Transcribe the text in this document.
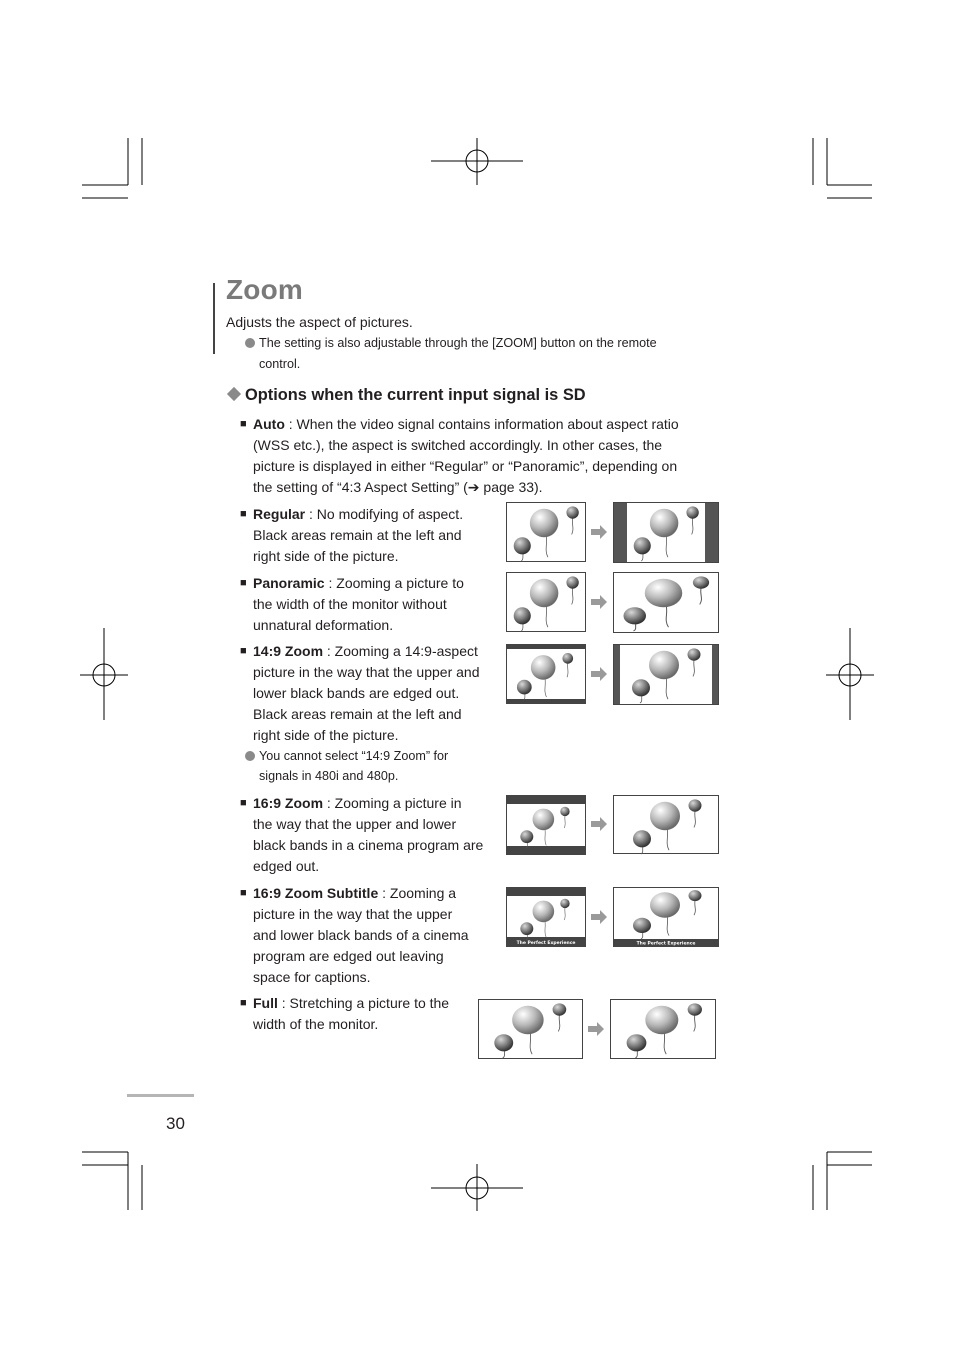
Zoom
Adjusts the aspect of pictures.
The setting is also adjustable through the [ZOOM] button on the remote
control.
Options when the current input signal is SD
■ Auto : When the video signal contains information about aspect ratio
(WSS etc.), the aspect is switched accordingly. In other cases, the
picture is displayed in either “Regular” or “Panoramic”, depending on
the setting of “4:3 Aspect Setting” (➔ page 33).
■ Regular : No modifying of aspect.
Black areas remain at the left and
right side of the picture.
■ Panoramic : Zooming a picture to
the width of the monitor without
unnatural deformation.
■ 14:9 Zoom : Zooming a 14:9-aspect
picture in the way that the upper and
lower black bands are edged out.
Black areas remain at the left and
right side of the picture.
You cannot select “14:9 Zoom” for
signals in 480i and 480p.
■ 16:9 Zoom : Zooming a picture in
the way that the upper and lower
black bands in a cinema program are
edged out.
■ 16:9 Zoom Subtitle : Zooming a
picture in the way that the upper
and lower black bands of a cinema
program are edged out leaving
space for captions.
■ Full : Stretching a picture to the
width of the monitor.
The Perfect Experience	The Perfect Experience
30
